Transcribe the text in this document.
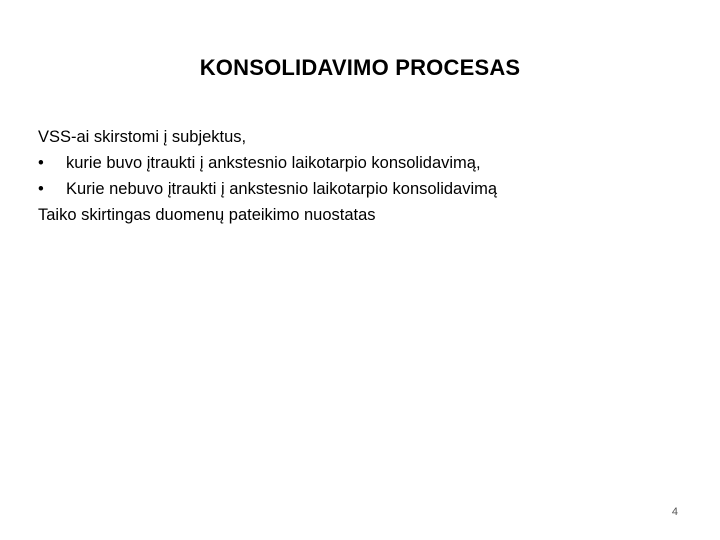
KONSOLIDAVIMO PROCESAS
VSS-ai skirstomi į subjektus,
•	kurie buvo įtraukti į ankstesnio laikotarpio konsolidavimą,
•	Kurie nebuvo įtraukti į ankstesnio laikotarpio konsolidavimą
Taiko skirtingas duomenų pateikimo nuostatas
4
